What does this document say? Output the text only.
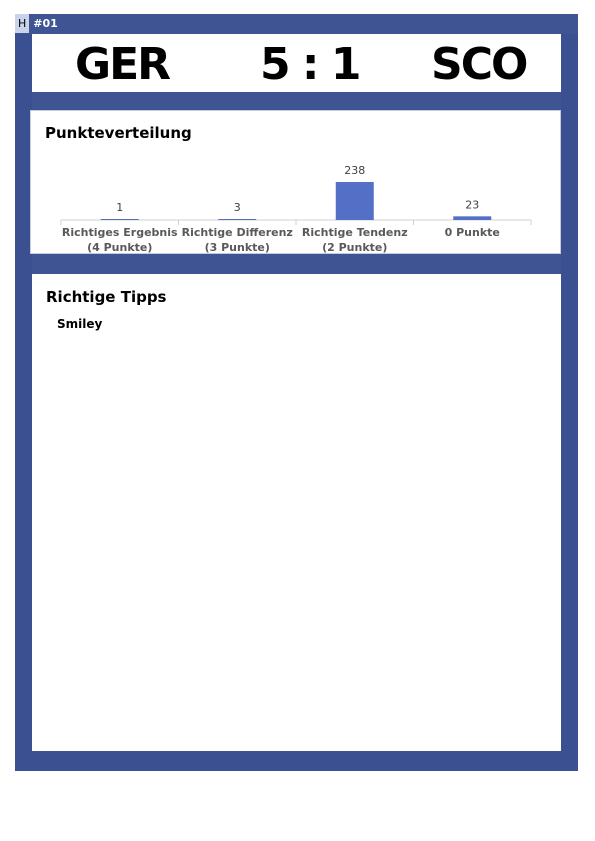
H #01
GER 5 : 1 SCO
Punkteverteilung
1
Richtiges Ergebnis
(4 Punkte)
3
Richtige Differenz
(3 Punkte)
238
Richtige Tendenz
(2 Punkte)
23
0 Punkte
Richtige Tipps
Smiley
